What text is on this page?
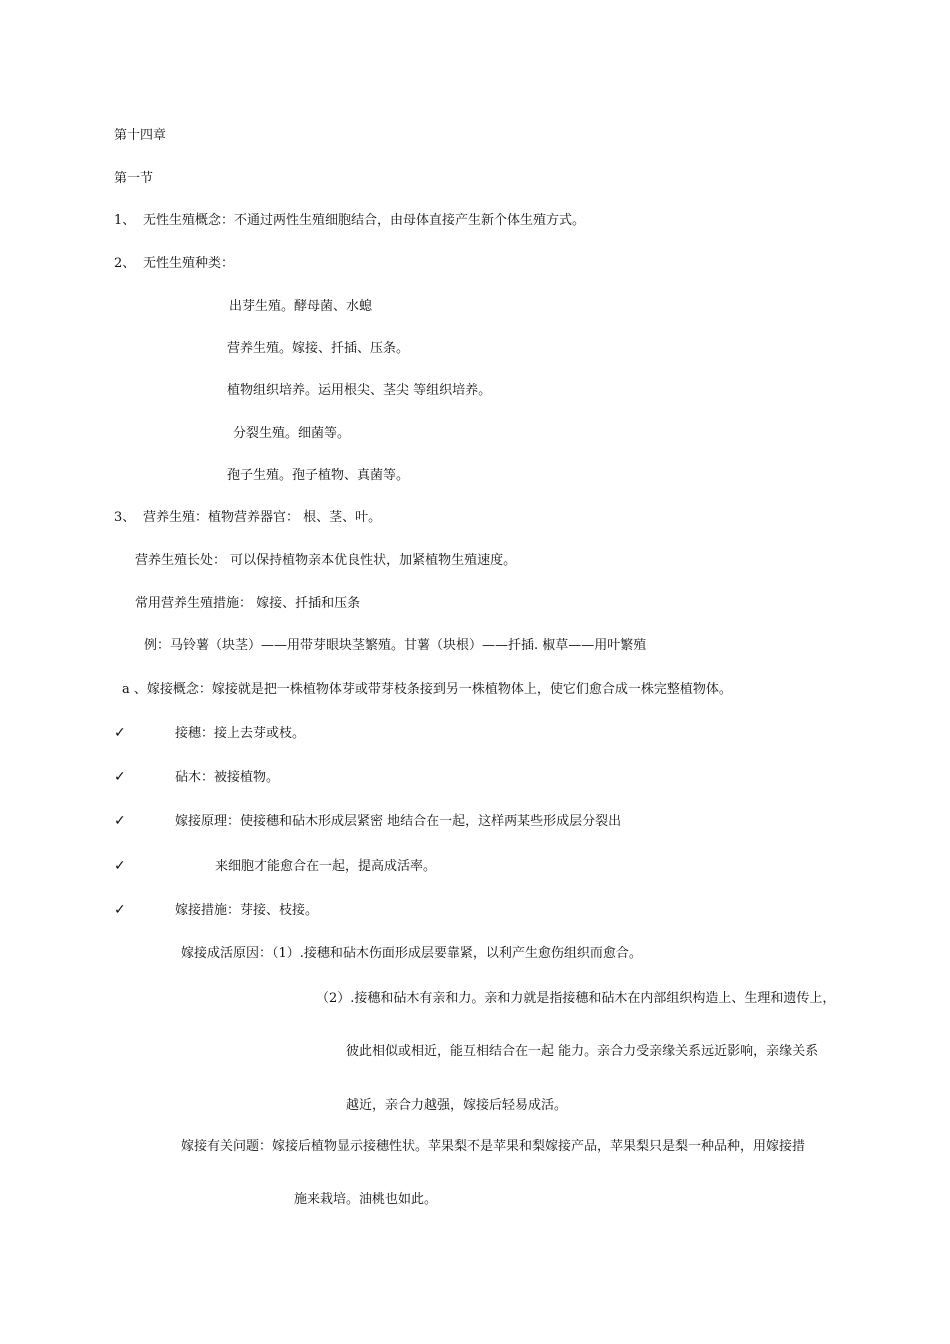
第十四章
第一节
1、 无性生殖概念：不通过两性生殖细胞结合，由母体直接产生新个体生殖方式。
2、 无性生殖种类：
出芽生殖。酵母菌、水螅
营养生殖。嫁接、扦插、压条。
植物组织培养。运用根尖、茎尖 等组织培养。
分裂生殖。细菌等。
孢子生殖。孢子植物、真菌等。
3、 营养生殖：植物营养器官： 根、茎、叶。
营养生殖长处： 可以保持植物亲本优良性状，加紧植物生殖速度。
常用营养生殖措施： 嫁接、扦插和压条
例：马铃薯（块茎）——用带芽眼块茎繁殖。甘薯（块根）——扦插. 椒草——用叶繁殖
a 、嫁接概念：嫁接就是把一株植物体芽或带芽枝条接到另一株植物体上，使它们愈合成一株完整植物体。
✓	接穗：接上去芽或枝。
✓	砧木：被接植物。
✓	嫁接原理：使接穗和砧木形成层紧密 地结合在一起，这样两某些形成层分裂出
✓	来细胞才能愈合在一起，提高成活率。
✓	嫁接措施：芽接、枝接。
嫁接成活原因：（1）.接穗和砧木伤面形成层要靠紧，以利产生愈伤组织而愈合。
（2）.接穗和砧木有亲和力。亲和力就是指接穗和砧木在内部组织构造上、生理和遗传上，
彼此相似或相近，能互相结合在一起 能力。亲合力受亲缘关系远近影响，亲缘关系
越近，亲合力越强，嫁接后轻易成活。
嫁接有关问题：嫁接后植物显示接穗性状。苹果梨不是苹果和梨嫁接产品，苹果梨只是梨一种品种，用嫁接措
施来栽培。油桃也如此。
